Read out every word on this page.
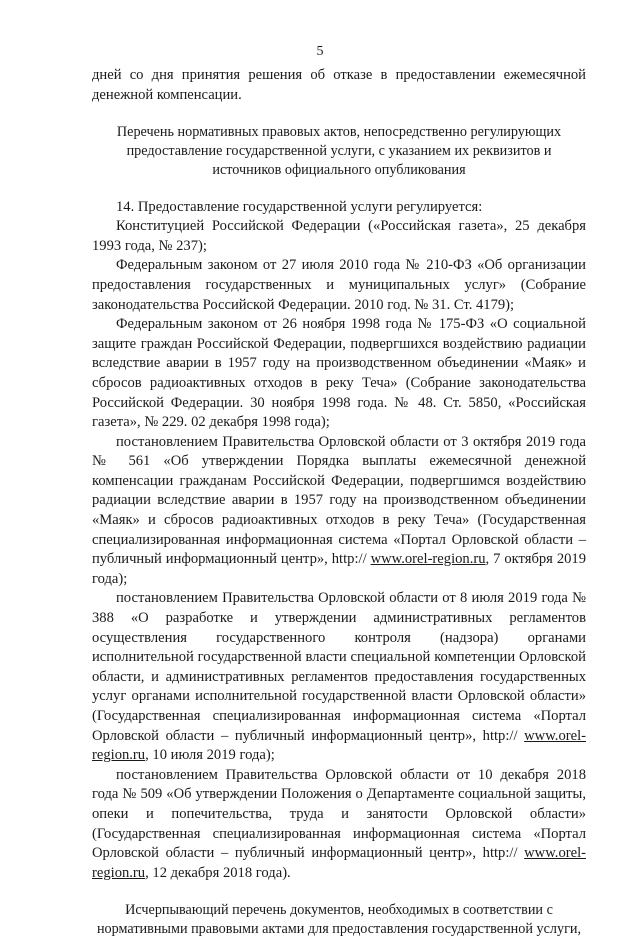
5

дней со дня принятия решения об отказе в предоставлении ежемесячной денежной компенсации.

Перечень нормативных правовых актов, непосредственно регулирующих предоставление государственной услуги, с указанием их реквизитов и источников официального опубликования

14. Предоставление государственной услуги регулируется:

Конституцией Российской Федерации («Российская газета», 25 декабря 1993 года, № 237);

Федеральным законом от 27 июля 2010 года № 210-ФЗ «Об организации предоставления государственных и муниципальных услуг» (Собрание законодательства Российской Федерации. 2010 год. № 31. Ст. 4179);

Федеральным законом от 26 ноября 1998 года № 175-ФЗ «О социальной защите граждан Российской Федерации, подвергшихся воздействию радиации вследствие аварии в 1957 году на производственном объединении «Маяк» и сбросов радиоактивных отходов в реку Теча» (Собрание законодательства Российской Федерации. 30 ноября 1998 года. № 48. Ст. 5850, «Российская газета», № 229. 02 декабря 1998 года);

постановлением Правительства Орловской области от 3 октября 2019 года № 561 «Об утверждении Порядка выплаты ежемесячной денежной компенсации гражданам Российской Федерации, подвергшимся воздействию радиации вследствие аварии в 1957 году на производственном объединении «Маяк» и сбросов радиоактивных отходов в реку Теча» (Государственная специализированная информационная система «Портал Орловской области – публичный информационный центр», http:// www.orel-region.ru, 7 октября 2019 года);

постановлением Правительства Орловской области от 8 июля 2019 года № 388 «О разработке и утверждении административных регламентов осуществления государственного контроля (надзора) органами исполнительной государственной власти специальной компетенции Орловской области, и административных регламентов предоставления государственных услуг органами исполнительной государственной власти Орловской области» (Государственная специализированная информационная система «Портал Орловской области – публичный информационный центр», http:// www.orel-region.ru, 10 июля 2019 года);

постановлением Правительства Орловской области от 10 декабря 2018 года № 509 «Об утверждении Положения о Департаменте социальной защиты, опеки и попечительства, труда и занятости Орловской области» (Государственная специализированная информационная система «Портал Орловской области – публичный информационный центр», http:// www.orel-region.ru, 12 декабря 2018 года).

Исчерпывающий перечень документов, необходимых в соответствии с нормативными правовыми актами для предоставления государственной услуги,
